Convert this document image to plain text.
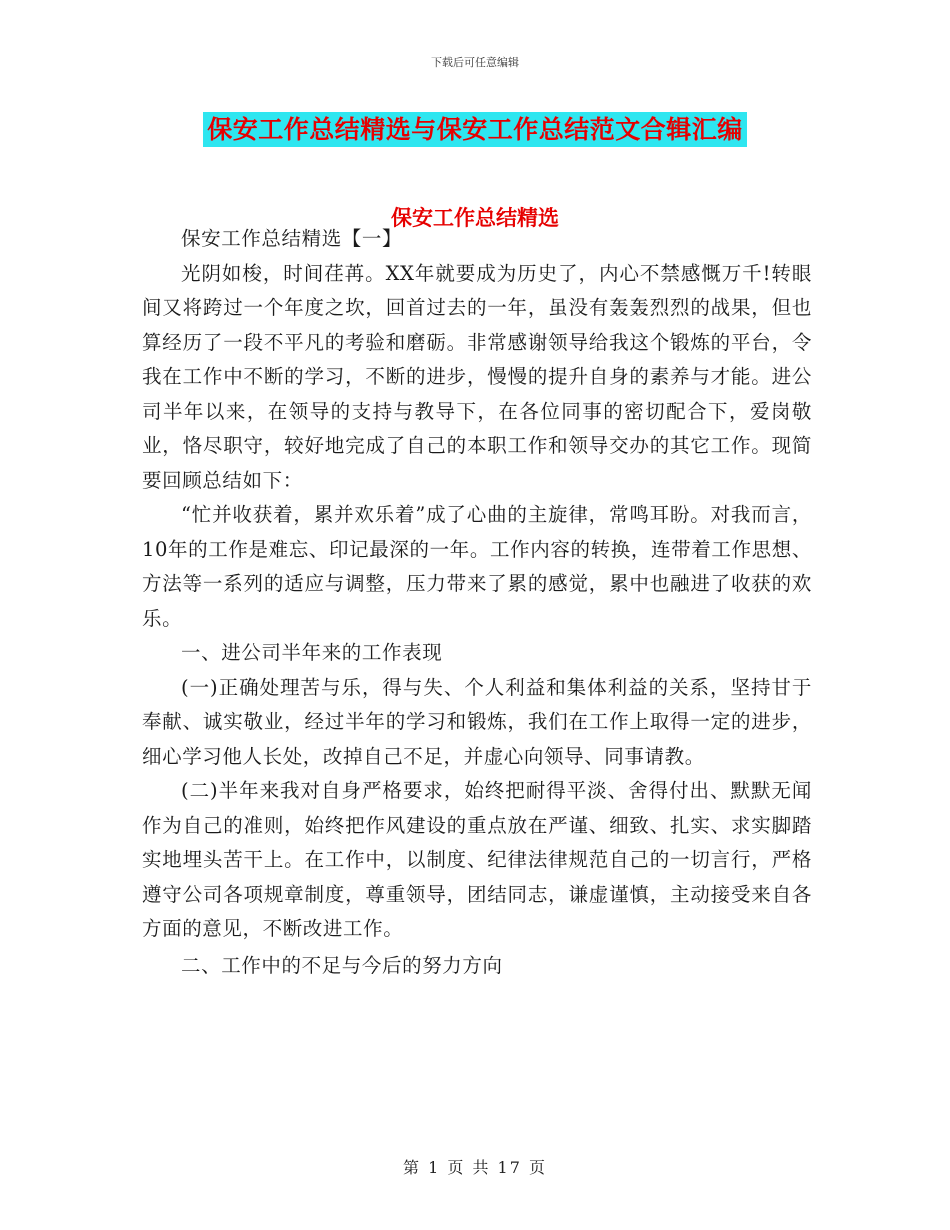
下载后可任意编辑
保安工作总结精选与保安工作总结范文合辑汇编
保安工作总结精选

保安工作总结精选【一】

光阴如梭，时间荏苒。XX年就要成为历史了，内心不禁感慨万千!转眼间又将跨过一个年度之坎，回首过去的一年，虽没有轰轰烈烈的战果，但也算经历了一段不平凡的考验和磨砺。非常感谢领导给我这个锻炼的平台，令我在工作中不断的学习，不断的进步，慢慢的提升自身的素养与才能。进公司半年以来，在领导的支持与教导下，在各位同事的密切配合下，爱岗敬业，恪尽职守，较好地完成了自己的本职工作和领导交办的其它工作。现简要回顾总结如下：

“忙并收获着，累并欢乐着”成了心曲的主旋律，常鸣耳盼。对我而言，10年的工作是难忘、印记最深的一年。工作内容的转换，连带着工作思想、方法等一系列的适应与调整，压力带来了累的感觉，累中也融进了收获的欢乐。

一、进公司半年来的工作表现

(一)正确处理苦与乐，得与失、个人利益和集体利益的关系，坚持甘于奉献、诚实敬业，经过半年的学习和锻炼，我们在工作上取得一定的进步，细心学习他人长处，改掉自己不足，并虚心向领导、同事请教。

(二)半年来我对自身严格要求，始终把耐得平淡、舍得付出、默默无闻作为自己的准则，始终把作风建设的重点放在严谨、细致、扎实、求实脚踏实地埋头苦干上。在工作中，以制度、纪律法律规范自己的一切言行，严格遵守公司各项规章制度，尊重领导，团结同志，谦虚谨慎，主动接受来自各方面的意见，不断改进工作。

二、工作中的不足与今后的努力方向

第 1 页 共 17 页
